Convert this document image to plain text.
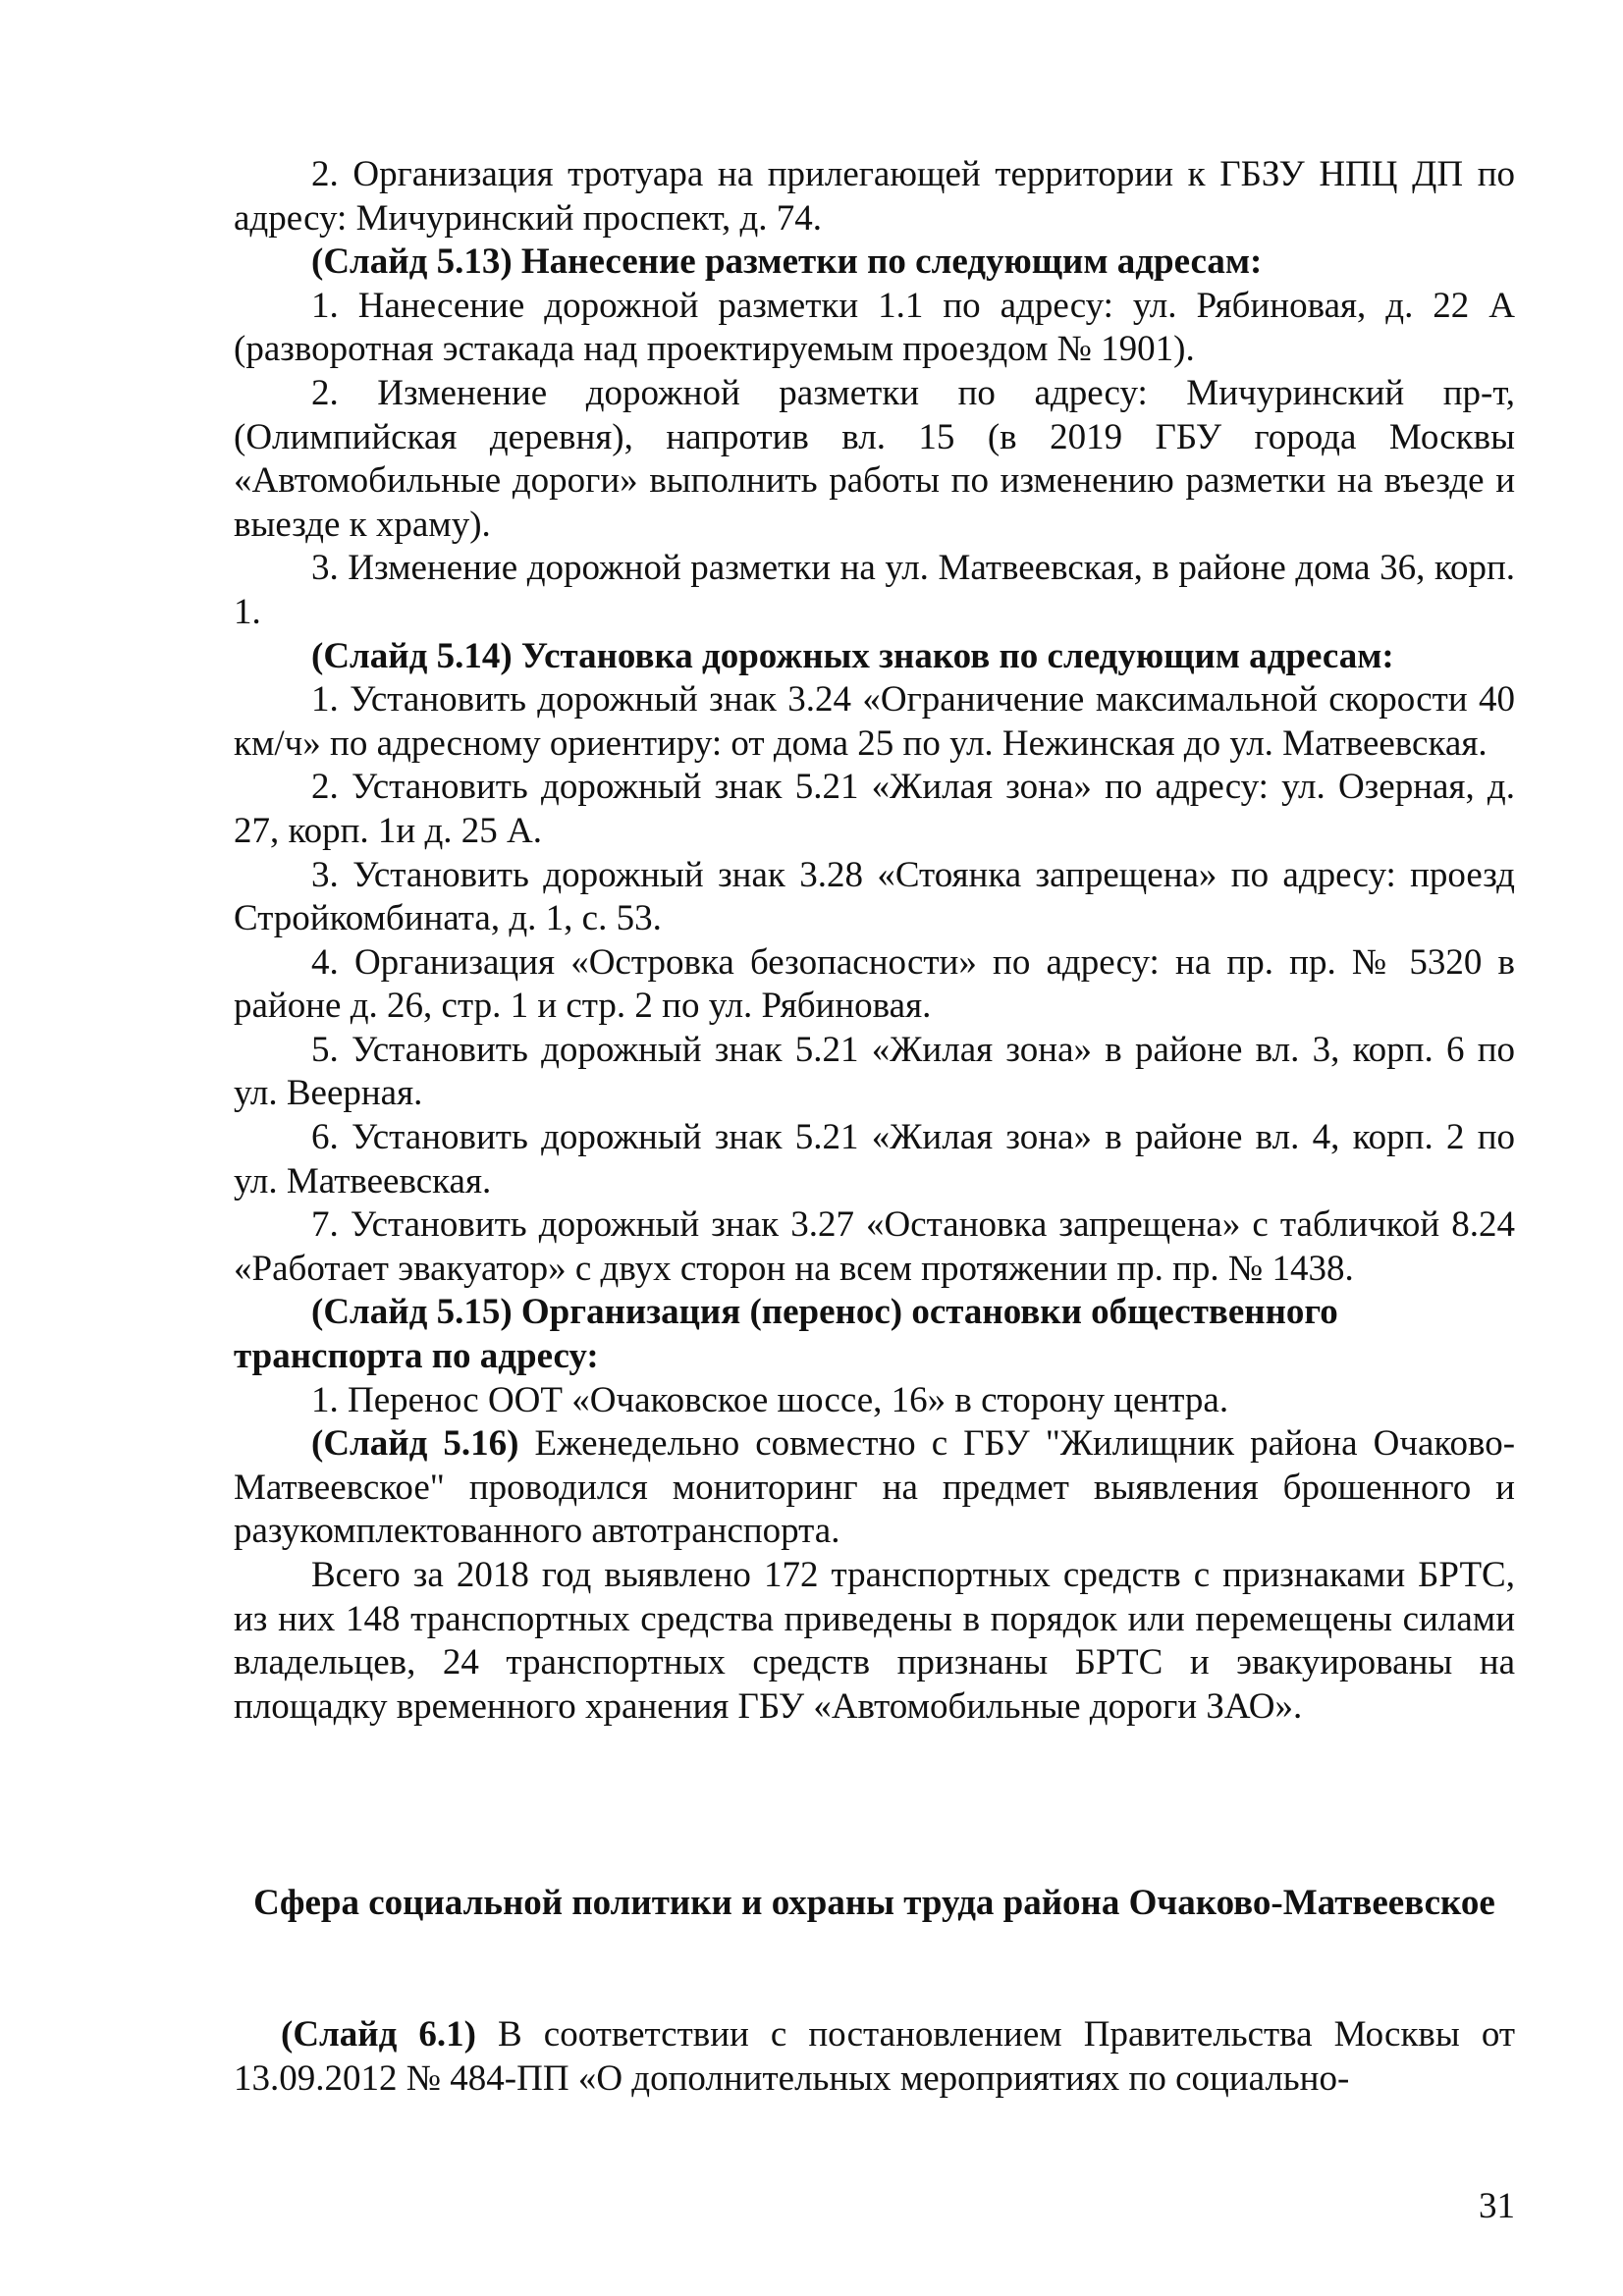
2. Организация тротуара на прилегающей территории к ГБЗУ НПЦ ДП по адресу: Мичуринский проспект, д. 74.

(Слайд 5.13) Нанесение разметки по следующим адресам:

1. Нанесение дорожной разметки 1.1 по адресу: ул. Рябиновая, д. 22 А (разворотная эстакада над проектируемым проездом № 1901).

2. Изменение дорожной разметки по адресу: Мичуринский пр-т, (Олимпийская деревня), напротив вл. 15 (в 2019 ГБУ города Москвы «Автомобильные дороги» выполнить работы по изменению разметки на въезде и выезде к храму).

3. Изменение дорожной разметки на ул. Матвеевская, в районе дома 36, корп. 1.

(Слайд 5.14) Установка дорожных знаков по следующим адресам:

1. Установить дорожный знак 3.24 «Ограничение максимальной скорости 40 км/ч» по адресному ориентиру: от дома 25 по ул. Нежинская до ул. Матвеевская.

2. Установить дорожный знак 5.21 «Жилая зона» по адресу: ул. Озерная, д. 27, корп. 1и д. 25 А.

3. Установить дорожный знак 3.28 «Стоянка запрещена» по адресу: проезд Стройкомбината, д. 1, с. 53.

4. Организация «Островка безопасности» по адресу: на пр. пр. № 5320 в районе д. 26, стр. 1 и стр. 2 по ул. Рябиновая.

5. Установить дорожный знак 5.21 «Жилая зона» в районе вл. 3, корп. 6 по ул. Веерная.

6. Установить дорожный знак 5.21 «Жилая зона» в районе вл. 4, корп. 2 по ул. Матвеевская.

7. Установить дорожный знак 3.27 «Остановка запрещена» с табличкой 8.24 «Работает эвакуатор» с двух сторон на всем протяжении пр. пр. № 1438.

(Слайд 5.15) Организация (перенос) остановки общественного транспорта по адресу:

1. Перенос ООТ «Очаковское шоссе, 16» в сторону центра.

(Слайд 5.16) Еженедельно совместно с ГБУ "Жилищник района Очаково-Матвеевское" проводился мониторинг на предмет выявления брошенного и разукомплектованного автотранспорта.

Всего за 2018 год выявлено 172 транспортных средств с признаками БРТС, из них 148 транспортных средства приведены в порядок или перемещены силами владельцев, 24 транспортных средств признаны БРТС и эвакуированы на площадку временного хранения ГБУ «Автомобильные дороги ЗАО».

Сфера социальной политики и охраны труда района Очаково-Матвеевское

(Слайд 6.1) В соответствии с постановлением Правительства Москвы от 13.09.2012 № 484-ПП «О дополнительных мероприятиях по социально-

31
